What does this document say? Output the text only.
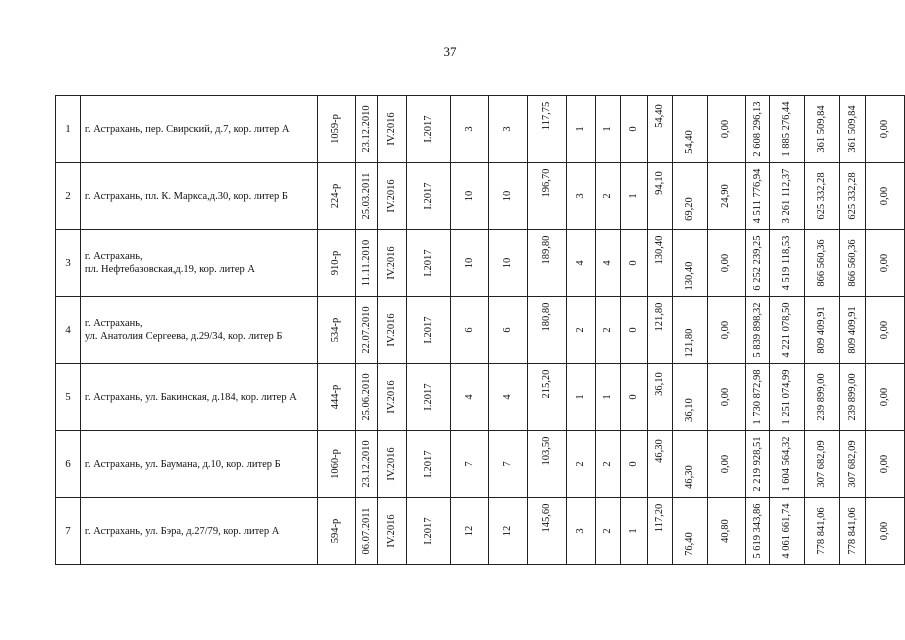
37
1	г. Астрахань, пер. Свирский, д.7, кор. литер А	1059-р	23.12.2010	IV.2016	I.2017	3	3	117,75	1	1	0	54,40	54,40	0,00	2 608 296,13	1 885 276,44	361 509,84	361 509,84	0,00

2	г. Астрахань, пл. К. Маркса,д.30, кор. литер Б	224-р	25.03.2011	IV.2016	I.2017	10	10	196,70	3	2	1	94,10	69,20	24,90	4 511 776,94	3 261 112,37	625 332,28	625 332,28	0,00

3	г. Астрахань,
пл. Нефтебазовская,д.19, кор. литер А	910-р	11.11.2010	IV.2016	I.2017	10	10	189,80	4	4	0	130,40	130,40	0,00	6 252 239,25	4 519 118,53	866 560,36	866 560,36	0,00

4	г. Астрахань,
ул. Анатолия Сергеева, д.29/34, кор. литер Б	534-р	22.07.2010	IV.2016	I.2017	6	6	180,80	2	2	0	121,80	121,80	0,00	5 839 898,32	4 221 078,50	809 409,91	809 409,91	0,00

5	г. Астрахань, ул. Бакинская, д.184, кор. литер А	444-р	25.06.2010	IV.2016	I.2017	4	4	215,20	1	1	0	36,10	36,10	0,00	1 730 872,98	1 251 074,99	239 899,00	239 899,00	0,00

6	г. Астрахань, ул. Баумана, д.10, кор. литер Б	1060-р	23.12.2010	IV.2016	I.2017	7	7	103,50	2	2	0	46,30	46,30	0,00	2 219 928,51	1 604 564,32	307 682,09	307 682,09	0,00

7	г. Астрахань, ул. Бэра, д.27/79, кор. литер А	594-р	06.07.2011	IV.2016	I.2017	12	12	145,60	3	2	1	117,20	76,40	40,80	5 619 343,86	4 061 661,74	778 841,06	778 841,06	0,00
